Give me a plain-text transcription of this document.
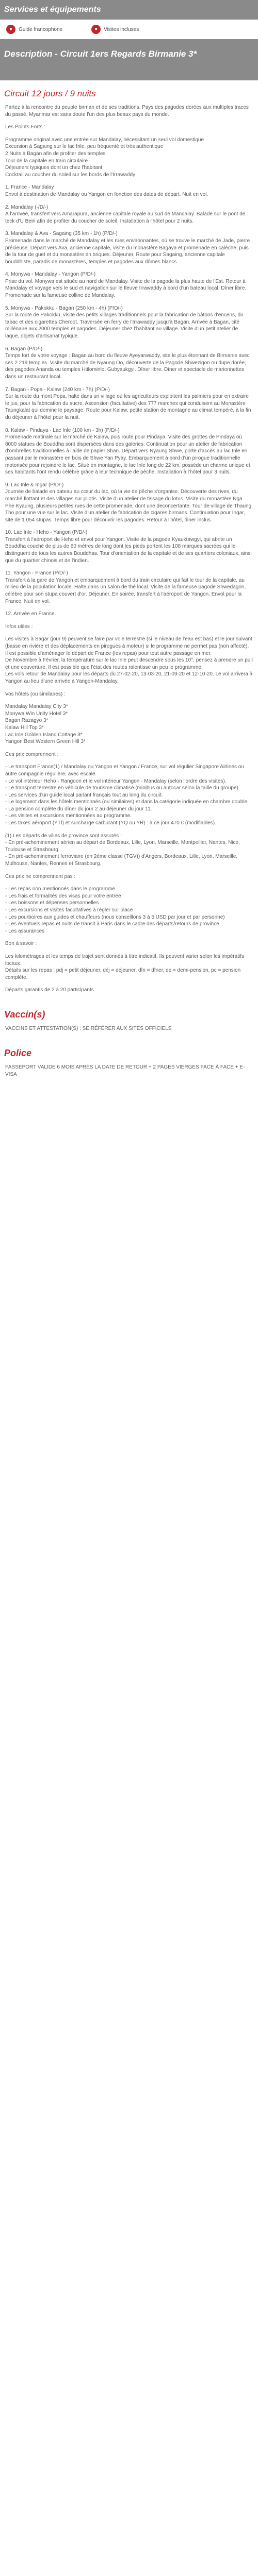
Services et équipements
●	Guide francophone	●	Visites incluses
Description - Circuit 1ers Regards Birmanie 3*
Circuit 12 jours / 9 nuits

Partez à la rencontre du peuple birman et de ses traditions. Pays des pagodes dorées aux multiples traces du passé, Myanmar est sans doute l'un des plus beaux pays du monde.

Les Points Forts :

Programme original avec une entrée sur Mandalay, nécessitant un seul vol domestique
Excursion à Sagaing sur le lac Inle, peu fréquenté et très authentique
2 Nuits à Bagan afin de profiter des temples
Tour de la capitale en train circulaire
Déjeuners typiques dont un chez l'habitant
Cocktail au coucher du soleil sur les bords de l'Irrawaddy

1. France - Mandalay
Envol à destination de Mandalay ou Yangon en fonction des dates de départ. Nuit en vol.

2. Mandalay (-/D/-)
À l'arrivée, transfert vers Amarapura, ancienne capitale royale au sud de Mandalay. Balade sur le pont de teck d'U Bein afin de profiter du coucher de soleil. Installation à l'hôtel pour 2 nuits.

3. Mandalay & Ava - Sagaing (35 km - 1h) (P/D/-)
Promenade dans le marché de Mandalay et les rues environnantes, où se trouve le marché de Jade, pierre précieuse. Départ vers Ava, ancienne capitale, visite du monastère Bagaya et promenade en calèche, puis de la tour de guet et du monastère en briques. Déjeuner. Route pour Sagaing, ancienne capitale bouddhiste, paradis de monastères, temples et pagodes aux dômes blancs.

4. Monywa - Mandalay - Yangon (P/D/-)
Prise du vol. Monywa est située au nord de Mandalay. Visite de la pagode la plus haute de l'Est. Retour à Mandalay et voyage vers le sud et navigation sur le fleuve Irrawaddy à bord d'un bateau local. Dîner libre. Promenade sur la fameuse colline de Mandalay.

5. Monywa - Pakokku - Bagan (250 km - 4h) (P/D/-)
Sur la route de Pakokku, visite des petits villages traditionnels pour la fabrication de bâtons d'encens, du tabac et des cigarettes Cheroot. Traversée en ferry de l'Irrawaddy jusqu'à Bagan. Arrivée à Bagan, cité millénaire aux 2000 temples et pagodes. Déjeuner chez l'habitant au village. Visite d'un petit atelier de laque, objets d'artisanat typique.

6. Bagan (P/D/-)
Temps fort de votre voyage : Bagan au bord du fleuve Ayeyarwaddy, site le plus étonnant de Birmanie avec ses 2 219 temples. Visite du marché de Nyaung Oo, découverte de la Pagode Shwezigon ou dupe dorée, des pagodes Ananda ou temples Htilominlo, Gubyaukgyi. Dîner libre. Dîner et spectacle de marionnettes dans un restaurant local.

7. Bagan - Popa - Kalaw (240 km - 7h) (P/D/-)
Sur la route du mont Popa, halte dans un village où les agriculteurs exploitent les palmiers pour en extraire le jus, pour la fabrication du sucre. Ascension (facultative) des 777 marches qui conduisent au Monastère Taungkalat qui domine le paysage. Route pour Kalaw, petite station de montagne au climat tempéré, à la fin du déjeuner à l'hôtel pour la nuit.

8. Kalaw - Pindaya - Lac Inle (100 km - 3h) (P/D/-)
Promenade matinale sur le marché de Kalaw, puis route pour Pindaya. Visite des grottes de Pindaya où 8000 statues de Bouddha sont dispersées dans des galeries. Continuation pour un atelier de fabrication d'ombrelles traditionnelles à l'aide de papier Shan. Départ vers Nyaung Shwe, porte d'accès au lac Inle en passant par le monastère en bois de Shwe Yan Pyay. Embarquement à bord d'un pirogue traditionnelle motorisée pour rejoindre le lac. Situé en montagne, le lac Inle long de 22 km, possède un charme unique et ses habitants l'ont rendu célèbre grâce à leur technique de pêche. Installation à l'hôtel pour 3 nuits.

9. Lac Inle & Ingar (P/D/-)
Journée de balade en bateau au cœur du lac, où la vie de pêche s'organise. Découverte des rives, du marché flottant et des villages sur pilotis. Visite d'un atelier de tissage du lotus. Visite du monastère Nga Phe Kyaung, plusieurs petites rues de cette promenade, dont une deconcertante. Tour de village de Thaung Tho pour une vue sur le lac. Visite d'un atelier de fabrication de cigares birmans. Continuation pour Ingar, site de 1 054 stupas. Temps libre pour découvrir les pagodes. Retour à l'hôtel, diner inclus.

10. Lac Inle - Heho - Yangon (P/D/-)
Transfert à l'aéroport de Heho et envol pour Yangon. Visite de la pagode Kyauktawgyi, qui abrite un Bouddha couché de plus de 60 mètres de long dont les pieds portent les 108 marques sacrées qui le distinguent de tous les autres Bouddhas. Tour d'orientation de la capitale et de ses quartiers coloniaux, ainsi que du quartier chinois et de l'indien.

11. Yangon - France (P/D/-)
Transfert à la gare de Yangon et embarquement à bord du train circulaire qui fait le tour de la capitale, au milieu de la population locale. Halte dans un salon de thé local. Visite de la fameuse pagode Shwedagon, célèbre pour son stupa couvert d'or. Déjeuner. En soirée, transfert à l'aéroport de Yangon. Envol pour la France. Nuit en vol.

12. Arrivée en France.

Infos utiles :

Les visites à Sagar (jour 9) peuvent se faire par voie terrestre (si le niveau de l'eau est bas) et le jour suivant (basse en rivière et des déplacements en pirogues à moteur) si le programme ne permet pas (non affecté). Il est possible d'aménager le départ de France (les repas) pour tout autre passage en mer.
De Novembre à Février, la température sur le lac Inle peut descendre sous les 10°, pensez à prendre un pull et une couverture. Il est possible que l'état des routes ralentisse un peu le programme.
Les vols retour de Mandalay pour les départs du 27-02-20, 13-03-20, 21-09-20 et 12-10-20. Le vol arrivera à Yangon au lieu d'une arrivée à Yangon-Mandalay.

Vos hôtels (ou similaires) :

Mandalay Mandalay City 3*
Monywa Win Unity Hotel 3*
Bagan Razagyo 3*
Kalaw Hill Top 3*
Lac Inle Golden Island Cottage 3*
Yangon Best Western Green Hill 3*

Ces prix comprennent :

- Le transport France(1) / Mandalay ou Yangon et Yangon / France, sur vol régulier Singapore Airlines ou autre compagnie régulière, avec escale.
- Le vol intérieur Heho - Rangoon et le vol intérieur Yangon - Mandalay (selon l'ordre des visites).
- Le transport terrestre en véhicule de tourisme climatisé (minibus ou autocar selon la taille du groupe).
- Les services d'un guide local parlant français tout au long du circuit.
- Le logement dans les hôtels mentionnés (ou similaires) et dans la catégorie indiquée en chambre double.
- La pension complète du dîner du jour 2 au déjeuner du jour 11.
- Les visites et excursions mentionnées au programme.
- Les taxes aéroport (YTI) et surcharge carburant (YQ ou YR) : à ce jour 470 € (modifiables).

(1) Les départs de villes de province sont assurés :
- En pré-acheminement aérien au départ de Bordeaux, Lille, Lyon, Marseille, Montpellier, Nantes, Nice, Toulouse et Strasbourg.
- En pré-acheminement ferroviaire (en 2ème classe (TGV)) d'Angers, Bordeaux, Lille, Lyon, Marseille, Mulhouse, Nantes, Rennes et Strasbourg.

Ces prix ne comprennent pas :

- Les repas non mentionnés dans le programme
- Les frais et formalités des visas pour votre entrée
- Les boissons et dépenses personnelles
- Les excursions et visites facultatives à régler sur place
- Les pourboires aux guides et chauffeurs (nous conseillons 3 à 5 USD par jour et par personne)
- Les éventuels repas et nuits de transit à Paris dans le cadre des départs/retours de province
- Les assurances

Bon à savoir :

Les kilométrages et les temps de trajet sont donnés à titre indicatif. Ils peuvent varier selon les impératifs locaux.
Détails sur les repas : pdj = petit déjeuner, déj = déjeuner, dîn = dîner, dp = demi-pension, pc = pension complète.

Départs garantis de 2 à 20 participants.

Vaccin(s)

VACCINS ET ATTESTATION(S) : SE RÉFÉRER AUX SITES OFFICIELS

Police

PASSEPORT VALIDE 6 MOIS APRÈS LA DATE DE RETOUR + 2 PAGES VIERGES FACE À FACE + E-VISA
